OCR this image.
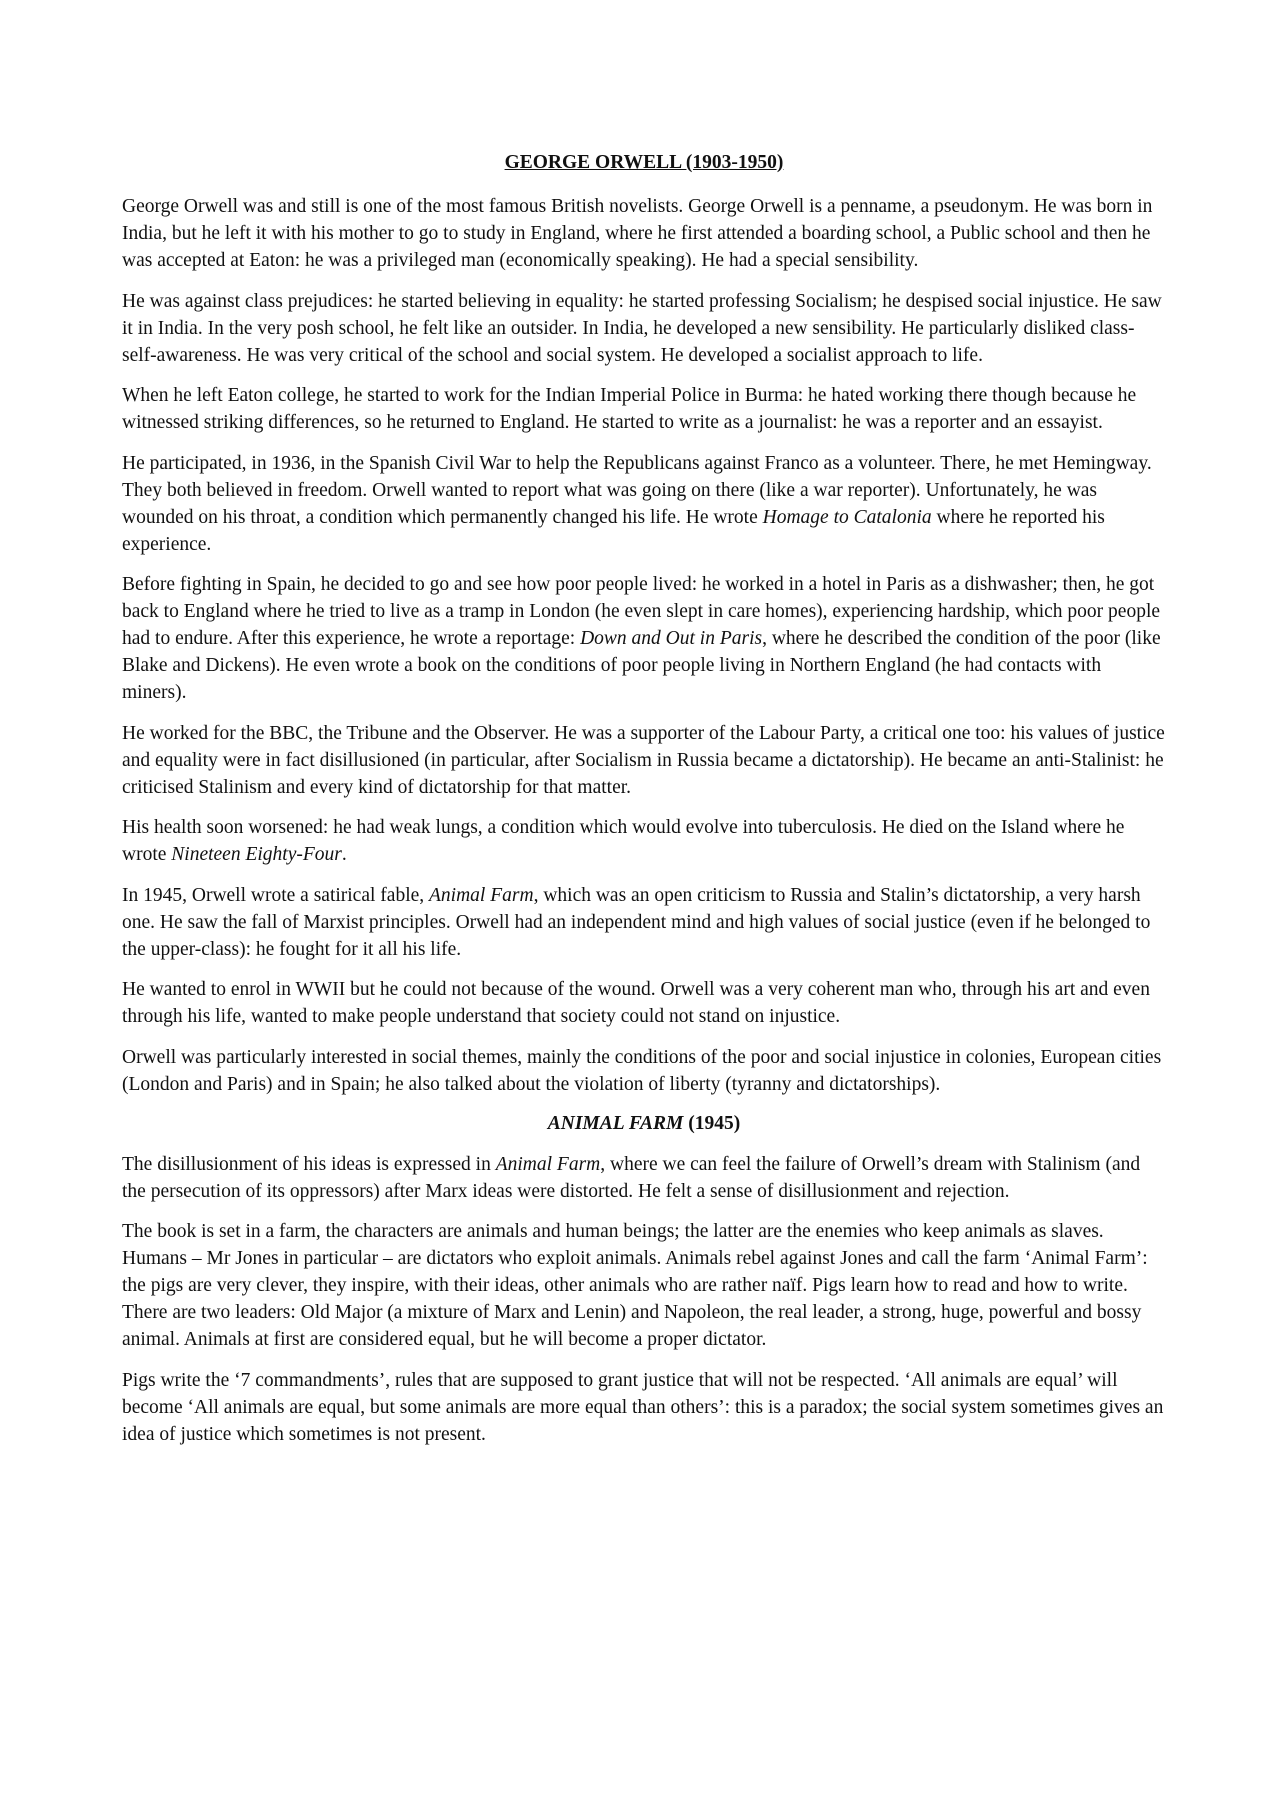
GEORGE ORWELL (1903-1950)

George Orwell was and still is one of the most famous British novelists. George Orwell is a penname, a pseudonym. He was born in India, but he left it with his mother to go to study in England, where he first attended a boarding school, a Public school and then he was accepted at Eaton: he was a privileged man (economically speaking). He had a special sensibility.

He was against class prejudices: he started believing in equality: he started professing Socialism; he despised social injustice. He saw it in India. In the very posh school, he felt like an outsider. In India, he developed a new sensibility. He particularly disliked class-self-awareness. He was very critical of the school and social system. He developed a socialist approach to life.

When he left Eaton college, he started to work for the Indian Imperial Police in Burma: he hated working there though because he witnessed striking differences, so he returned to England. He started to write as a journalist: he was a reporter and an essayist.

He participated, in 1936, in the Spanish Civil War to help the Republicans against Franco as a volunteer. There, he met Hemingway. They both believed in freedom. Orwell wanted to report what was going on there (like a war reporter). Unfortunately, he was wounded on his throat, a condition which permanently changed his life. He wrote Homage to Catalonia where he reported his experience.

Before fighting in Spain, he decided to go and see how poor people lived: he worked in a hotel in Paris as a dishwasher; then, he got back to England where he tried to live as a tramp in London (he even slept in care homes), experiencing hardship, which poor people had to endure. After this experience, he wrote a reportage: Down and Out in Paris, where he described the condition of the poor (like Blake and Dickens). He even wrote a book on the conditions of poor people living in Northern England (he had contacts with miners).

He worked for the BBC, the Tribune and the Observer. He was a supporter of the Labour Party, a critical one too: his values of justice and equality were in fact disillusioned (in particular, after Socialism in Russia became a dictatorship). He became an anti-Stalinist: he criticised Stalinism and every kind of dictatorship for that matter.

His health soon worsened: he had weak lungs, a condition which would evolve into tuberculosis. He died on the Island where he wrote Nineteen Eighty-Four.

In 1945, Orwell wrote a satirical fable, Animal Farm, which was an open criticism to Russia and Stalin’s dictatorship, a very harsh one. He saw the fall of Marxist principles. Orwell had an independent mind and high values of social justice (even if he belonged to the upper-class): he fought for it all his life.

He wanted to enrol in WWII but he could not because of the wound. Orwell was a very coherent man who, through his art and even through his life, wanted to make people understand that society could not stand on injustice.

Orwell was particularly interested in social themes, mainly the conditions of the poor and social injustice in colonies, European cities (London and Paris) and in Spain; he also talked about the violation of liberty (tyranny and dictatorships).

ANIMAL FARM (1945)

The disillusionment of his ideas is expressed in Animal Farm, where we can feel the failure of Orwell’s dream with Stalinism (and the persecution of its oppressors) after Marx ideas were distorted. He felt a sense of disillusionment and rejection.

The book is set in a farm, the characters are animals and human beings; the latter are the enemies who keep animals as slaves. Humans – Mr Jones in particular – are dictators who exploit animals. Animals rebel against Jones and call the farm ‘Animal Farm’: the pigs are very clever, they inspire, with their ideas, other animals who are rather naïf. Pigs learn how to read and how to write. There are two leaders: Old Major (a mixture of Marx and Lenin) and Napoleon, the real leader, a strong, huge, powerful and bossy animal. Animals at first are considered equal, but he will become a proper dictator.

Pigs write the ‘7 commandments’, rules that are supposed to grant justice that will not be respected. ‘All animals are equal’ will become ‘All animals are equal, but some animals are more equal than others’: this is a paradox; the social system sometimes gives an idea of justice which sometimes is not present.
